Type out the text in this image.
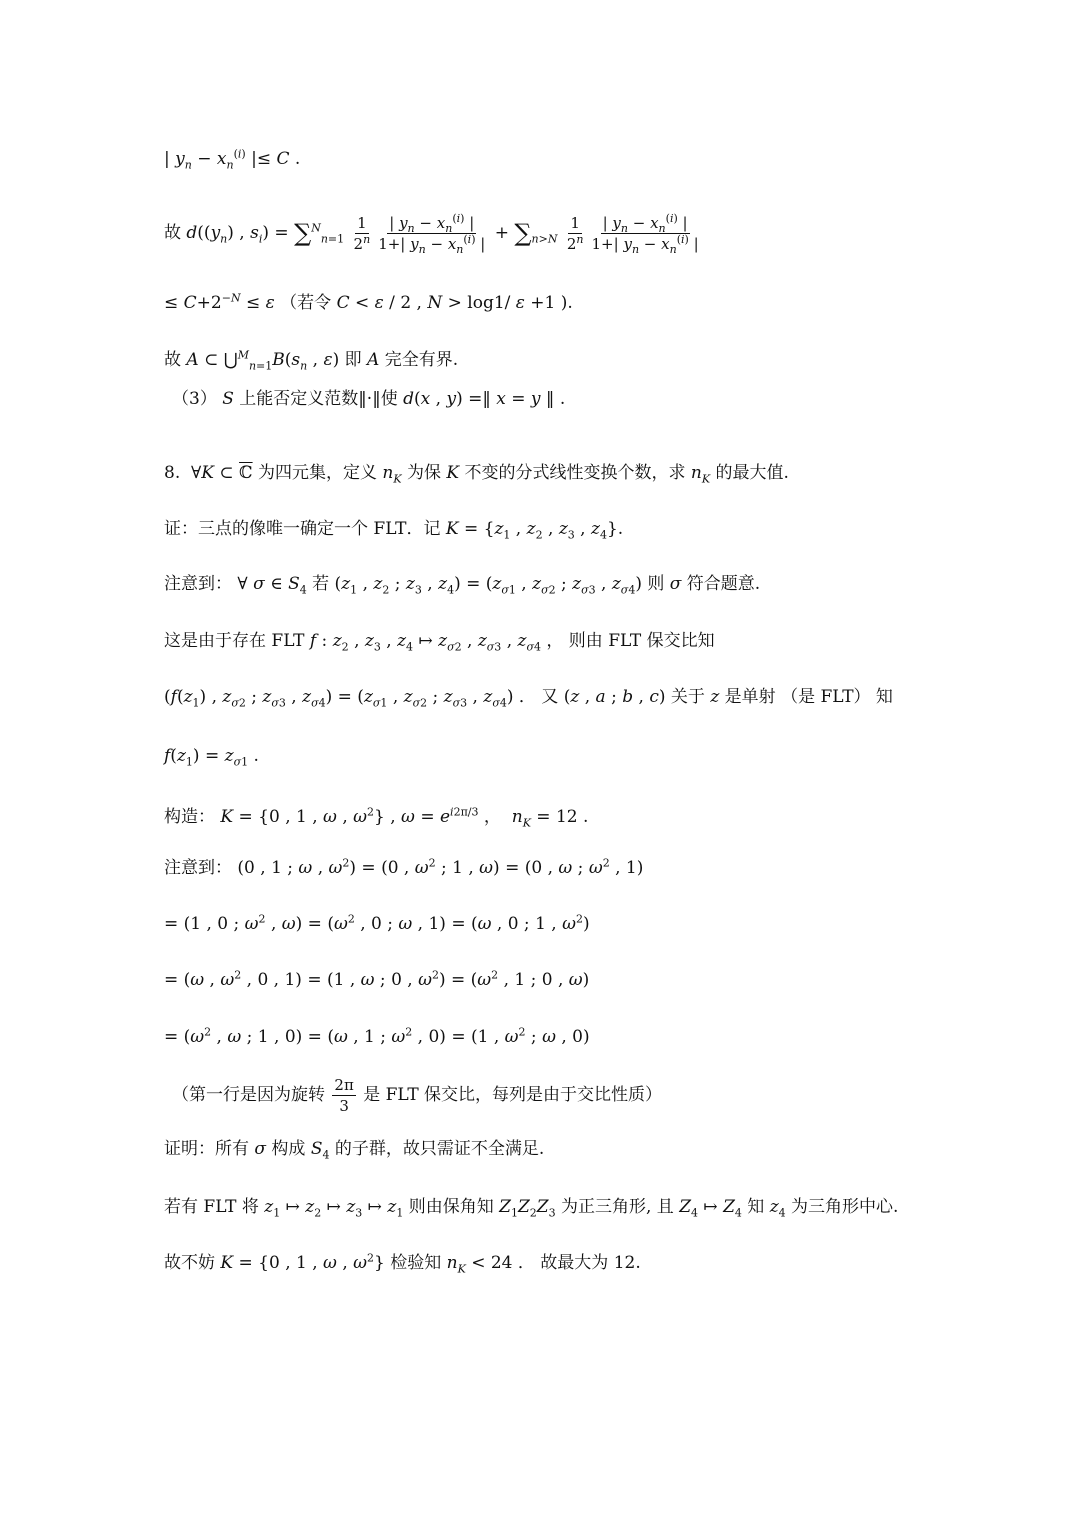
| $y_n - x_n^{(i)}$ |≤ C .
故 $d((y_n)$ , $s_i) = \sum^N_{n=1} \frac{1}{2^n} \frac{| y_n - x_n^{(i)} |}{1+| y_n - x_n^{(i)} |} + \sum_{n>N} \frac{1}{2^n} \frac{| y_n - x_n^{(i)} |}{1+| y_n - x_n^{(i)} |}$
≤ $C+2^{-N} \le \varepsilon$ （若令 C < ε / 2 , N > log1/ ε +1 ).
故 A ⊂ $⋃^M_{n=1}B(s_n$ , ε) 即 A 完全有界.
（3） S 上能否定义范数‖·‖使 d(x , y) =‖ x = y ‖ .
8.  ∀K ⊂ ℂ 为四元集，定义 $n_K$ 为保 K 不变的分式线性变换个数，求 $n_K$ 的最大值.
证：三点的像唯一确定一个 FLT．记 $K = \{z_1$ , $z_2$ , $z_3$ , $z_4$}.
注意到： ∀ σ ∈ $S_4$ 若 ($z_1$ , $z_2$ ; $z_3$ , $z_4) = (z_{\sigma 1}$ , $z_{\sigma 2}$ ; $z_{\sigma 3}$ , $z_{\sigma 4}$) 则 σ 符合题意.
这是由于存在 FLT f : $z_2$ , $z_3$ , $z_4$ ↦ $z_{\sigma 2}$ , $z_{\sigma 3}$ , $z_{\sigma 4}$ ， 则由 FLT 保交比知
($f(z_1)$ , $z_{\sigma 2}$ ; $z_{\sigma 3}$ , $z_{\sigma 4}) = (z_{\sigma 1}$ , $z_{\sigma 2}$ ; $z_{\sigma 3}$ , $z_{\sigma 4}$) ． 又 (z , a ; b , c) 关于 z 是单射 （是 FLT） 知
$f(z_1) = z_{\sigma 1}$ .
构造： K = {0 , 1 , ω , $\omega^2$} , $\omega = e^{i2\pi/3}$ ，  $n_K = 12$ .
注意到： (0 , 1 ; ω , $\omega^2) = (0$ , $\omega^2$ ; 1 , ω) = (0 , ω ; $\omega^2$ , 1)
= (1 , 0 ; $\omega^2$ , $\omega) = (\omega^2$ , 0 ; ω , 1) = (ω , 0 ; 1 , $\omega^2$)
= (ω , $\omega^2$ , 0 , 1) = (1 , ω ; 0 , $\omega^2) = (\omega^2$ , 1 ; 0 , ω)
= ($\omega^2$ , ω ; 1 , 0) = (ω , 1 ; $\omega^2$ , 0) = (1 , $\omega^2$ ; ω , 0)
（第一行是因为旋转 $\frac{2\pi}{3}$ 是 FLT 保交比，每列是由于交比性质）
证明：所有 σ 构成 $S_4$ 的子群，故只需证不全满足.
若有 FLT 将 $z_1$ ↦ $z_2$ ↦ $z_3$ ↦ $z_1$ 则由保角知 $Z_1Z_2Z_3$ 为正三角形, 且 $Z_4$ ↦ $Z_4$ 知 $z_4$ 为三角形中心.
故不妨 K = {0 , 1 , ω , $\omega^2$} 检验知 $n_K < 24$ ． 故最大为 12.
